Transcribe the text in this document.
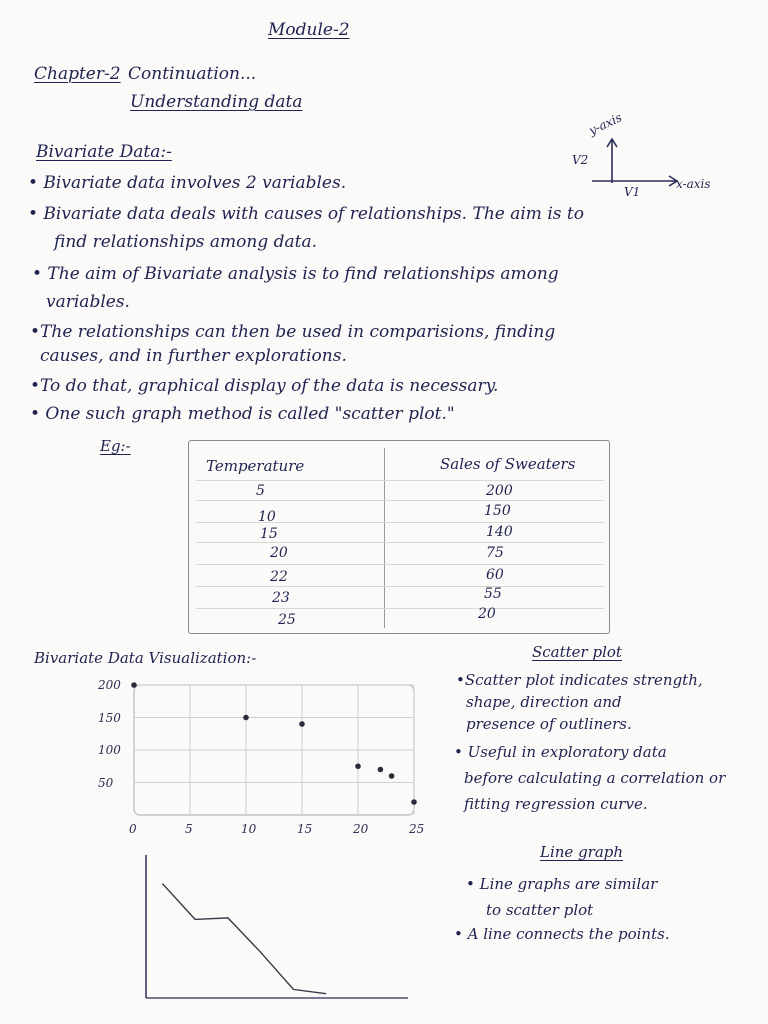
Module-2
Chapter-2 Continuation...
Understanding data
Bivariate Data:-
• Bivariate data involves 2 variables.
• Bivariate data deals with causes of relationships. The aim is to
find relationships among data.
• The aim of Bivariate analysis is to find relationships among
variables.
•The relationships can then be used in comparisions, finding
causes, and in further explorations.
•To do that, graphical display of the data is necessary.
• One such graph method is called "scatter plot."
y-axis
V2
V1
x-axis
Eg:-
Temperature	Sales of Sweaters
5	200
10	150
15	140
20	75
22	60
23	55
25	20
Bivariate Data Visualization:-	Scatter plot
•Scatter plot indicates strength,
shape, direction and
presence of outliners.
• Useful in exploratory data
before calculating a correlation or
fitting regression curve.
Line graph
• Line graphs are similar
to scatter plot
• A line connects the points.
0	5	10	15	20	25
200
150
100
50
